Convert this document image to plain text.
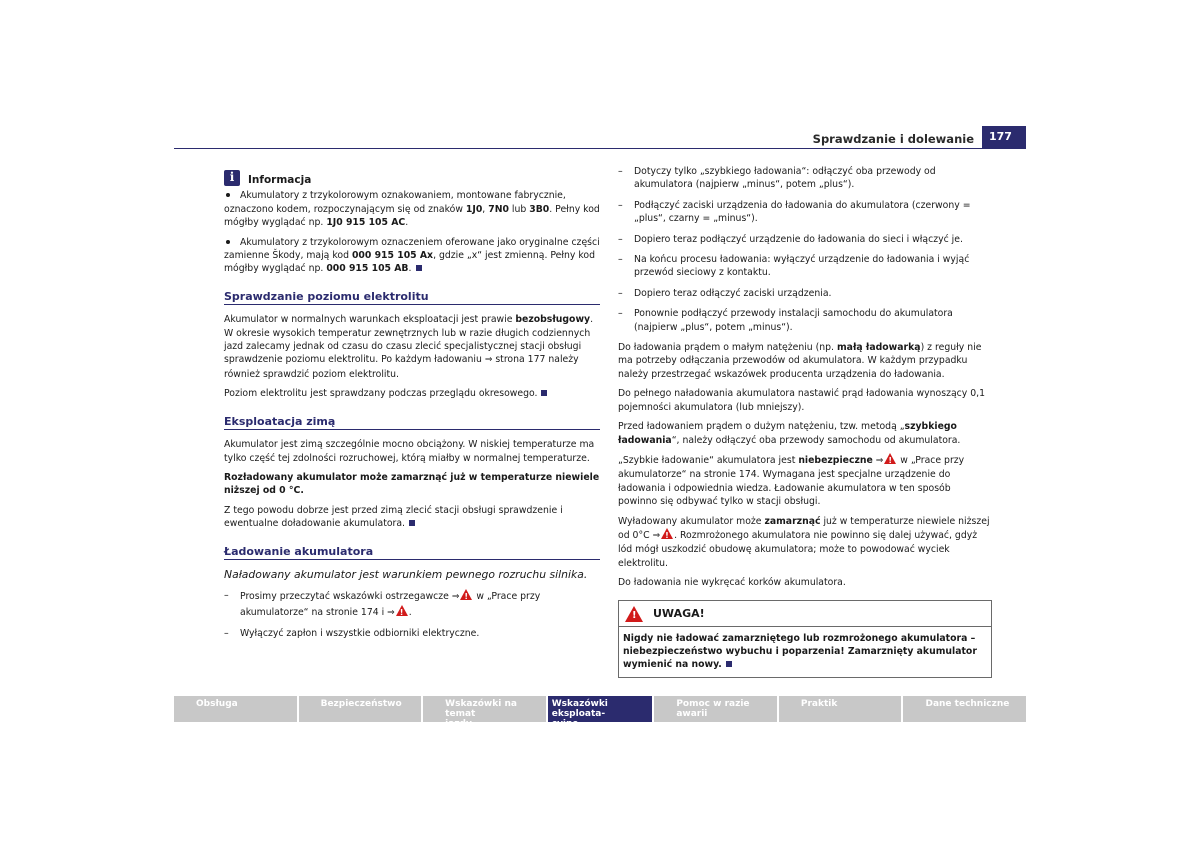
Sprawdzanie i dolewanie	177
i	Informacja

Akumulatory z trzykolorowym oznakowaniem, montowane fabrycznie, oznaczono kodem, rozpoczynającym się od znaków 1J0, 7N0 lub 3B0. Pełny kod mógłby wyglądać np. 1J0 915 105 AC.

Akumulatory z trzykolorowym oznaczeniem oferowane jako oryginalne części zamienne Škody, mają kod 000 915 105 Ax, gdzie „x“ jest zmienną. Pełny kod mógłby wyglądać np. 000 915 105 AB.

Sprawdzanie poziomu elektrolitu

Akumulator w normalnych warunkach eksploatacji jest prawie bezobsługowy. W okresie wysokich temperatur zewnętrznych lub w razie długich codziennych jazd zalecamy jednak od czasu do czasu zlecić specjalistycznej stacji obsługi sprawdzenie poziomu elektrolitu. Po każdym ładowaniu ⇒ strona 177 należy również sprawdzić poziom elektrolitu.

Poziom elektrolitu jest sprawdzany podczas przeglądu okresowego.

Eksploatacja zimą

Akumulator jest zimą szczególnie mocno obciążony. W niskiej temperaturze ma tylko część tej zdolności rozruchowej, którą miałby w normalnej temperaturze.

Rozładowany akumulator może zamarznąć już w temperaturze niewiele niższej od 0 °C.

Z tego powodu dobrze jest przed zimą zlecić stacji obsługi sprawdzenie i ewentualne doładowanie akumulatora.

Ładowanie akumulatora
Naładowany akumulator jest warunkiem pewnego rozruchu silnika.
–	Prosimy przeczytać wskazówki ostrzegawcze ⇒! w „Prace przy akumulatorze“ na stronie 174 i ⇒ ! .
–	Wyłączyć zapłon i wszystkie odbiorniki elektryczne.
–	Dotyczy tylko „szybkiego ładowania“: odłączyć oba przewody od akumulatora (najpierw „minus“, potem „plus“).
–	Podłączyć zaciski urządzenia do ładowania do akumulatora (czerwony = „plus“, czarny = „minus“).
–	Dopiero teraz podłączyć urządzenie do ładowania do sieci i włączyć je.
–	Na końcu procesu ładowania: wyłączyć urządzenie do ładowania i wyjąć przewód sieciowy z kontaktu.
–	Dopiero teraz odłączyć zaciski urządzenia.
–	Ponownie podłączyć przewody instalacji samochodu do akumulatora (najpierw „plus“, potem „minus“).

Do ładowania prądem o małym natężeniu (np. małą ładowarką) z reguły nie ma potrzeby odłączania przewodów od akumulatora. W każdym przypadku należy przestrzegać wskazówek producenta urządzenia do ładowania.

Do pełnego naładowania akumulatora nastawić prąd ładowania wynoszący 0,1 pojemności akumulatora (lub mniejszy).

Przed ładowaniem prądem o dużym natężeniu, tzw. metodą „szybkiego ładowania“, należy odłączyć oba przewody samochodu od akumulatora.

„Szybkie ładowanie“ akumulatora jest niebezpieczne ⇒! w „Prace przy akumulatorze“ na stronie 174. Wymagana jest specjalne urządzenie do ładowania i odpowiednia wiedza. Ładowanie akumulatora w ten sposób powinno się odbywać tylko w stacji obsługi.

Wyładowany akumulator może zamarznąć już w temperaturze niewiele niższej od 0°C ⇒ ! . Rozmrożonego akumulatora nie powinno się dalej używać, gdyż lód mógł uszkodzić obudowę akumulatora; może to powodować wyciek elektrolitu.

Do ładowania nie wykręcać korków akumulatora.

!
UWAGA!
Nigdy nie ładować zamarzniętego lub rozmrożonego akumulatora – niebezpieczeństwo wybuchu i poparzenia! Zamarznięty akumulator wymienić na nowy.
Obsługa	Bezpieczeństwo	Wskazówki na temat
jazdy
Wskazówki eksploata-
cyjne
Pomoc w razie awarii
Praktik	Dane techniczne
